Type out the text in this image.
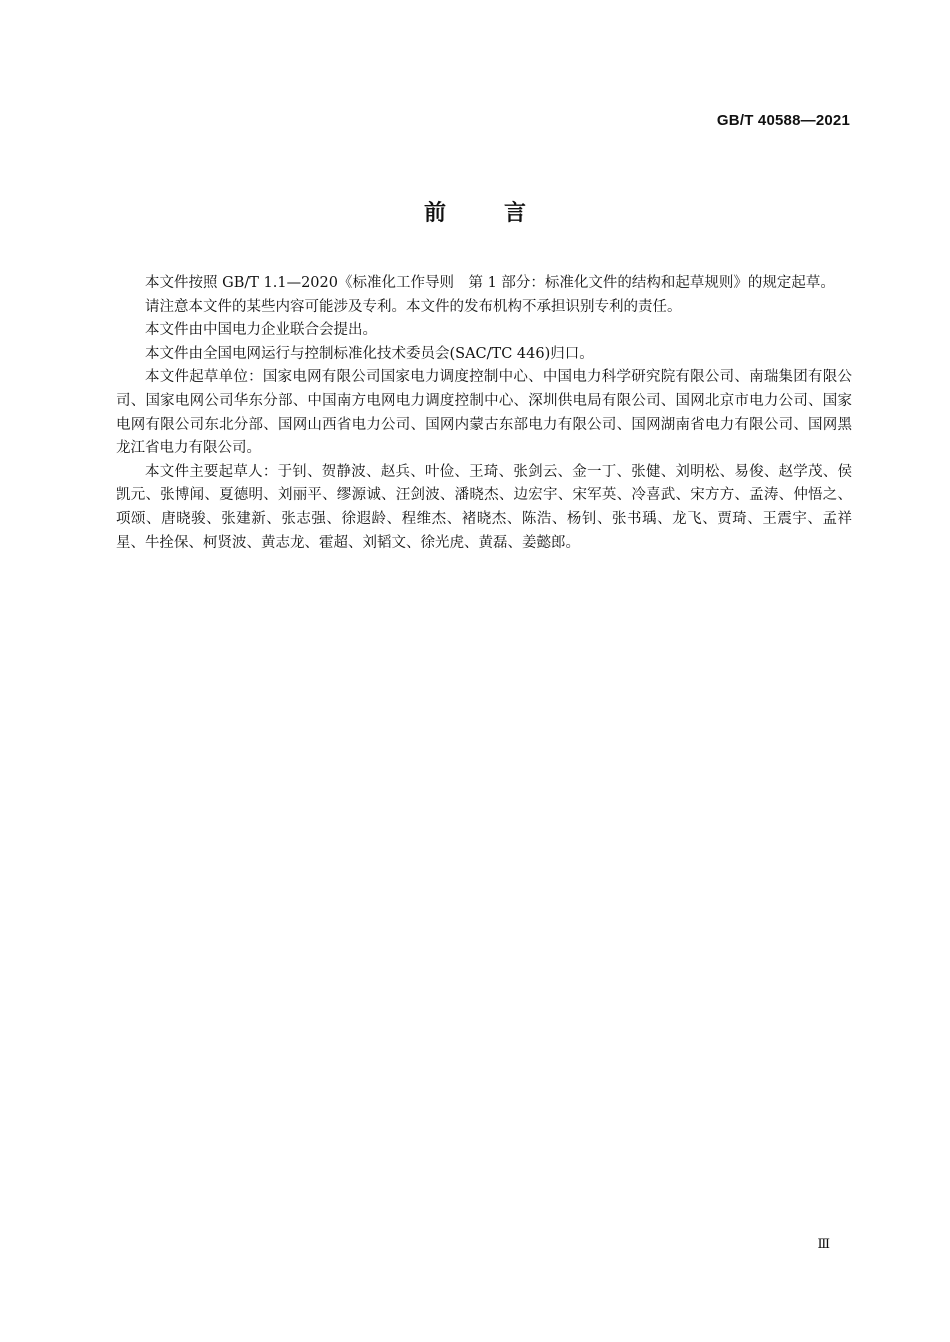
GB/T 40588—2021
前言

本文件按照 GB/T 1.1—2020《标准化工作导则　第 1 部分：标准化文件的结构和起草规则》的规定起草。

请注意本文件的某些内容可能涉及专利。本文件的发布机构不承担识别专利的责任。

本文件由中国电力企业联合会提出。

本文件由全国电网运行与控制标准化技术委员会(SAC/TC 446)归口。

本文件起草单位：国家电网有限公司国家电力调度控制中心、中国电力科学研究院有限公司、南瑞集团有限公司、国家电网公司华东分部、中国南方电网电力调度控制中心、深圳供电局有限公司、国网北京市电力公司、国家电网有限公司东北分部、国网山西省电力公司、国网内蒙古东部电力有限公司、国网湖南省电力有限公司、国网黑龙江省电力有限公司。

本文件主要起草人：于钊、贺静波、赵兵、叶俭、王琦、张剑云、金一丁、张健、刘明松、易俊、赵学茂、侯凯元、张博闻、夏德明、刘丽平、缪源诚、汪剑波、潘晓杰、边宏宇、宋军英、冷喜武、宋方方、孟涛、仲悟之、项颂、唐晓骏、张建新、张志强、徐遐龄、程维杰、褚晓杰、陈浩、杨钊、张书瑀、龙飞、贾琦、王震宇、孟祥星、牛拴保、柯贤波、黄志龙、霍超、刘韬文、徐光虎、黄磊、姜懿郎。

Ⅲ
